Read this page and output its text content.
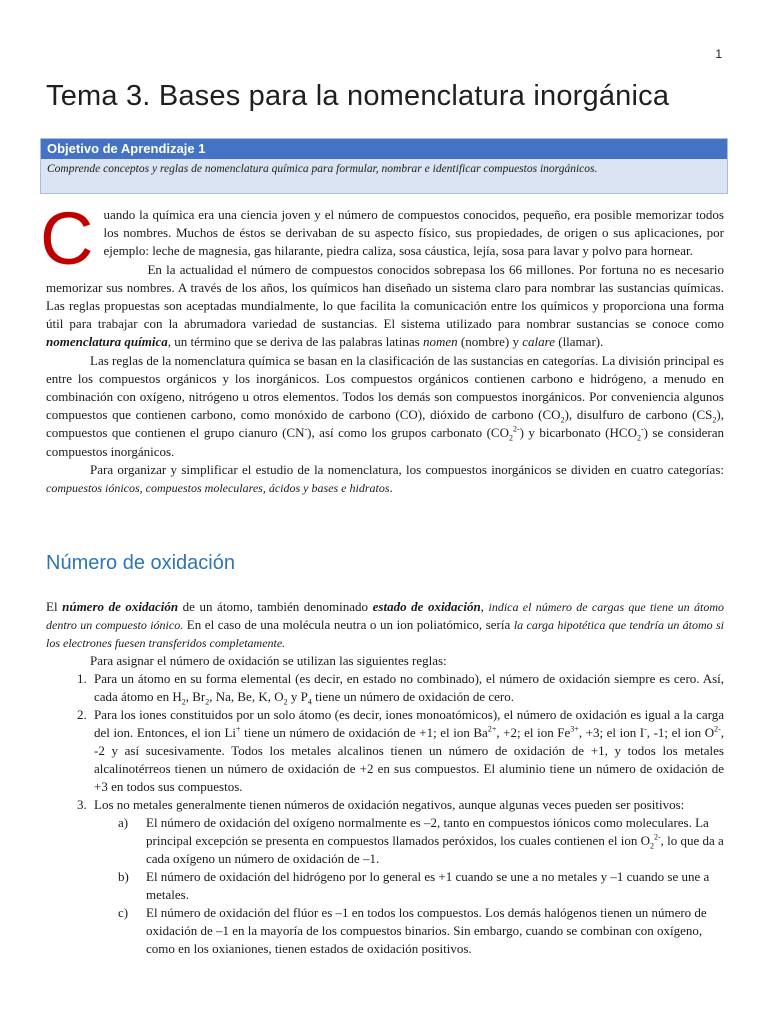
1
Tema 3. Bases para la nomenclatura inorgánica
Objetivo de Aprendizaje 1
Comprende conceptos y reglas de nomenclatura química para formular, nombrar e identificar compuestos inorgánicos.
C uando la química era una ciencia joven y el número de compuestos conocidos, pequeño, era posible memorizar todos los nombres. Muchos de éstos se derivaban de su aspecto físico, sus propiedades, de origen o sus aplicaciones, por ejemplo: leche de magnesia, gas hilarante, piedra caliza, sosa cáustica, lejía, sosa para lavar y polvo para hornear.

En la actualidad el número de compuestos conocidos sobrepasa los 66 millones. Por fortuna no es necesario memorizar sus nombres. A través de los años, los químicos han diseñado un sistema claro para nombrar las sustancias químicas. Las reglas propuestas son aceptadas mundialmente, lo que facilita la comunicación entre los químicos y proporciona una forma útil para trabajar con la abrumadora variedad de sustancias. El sistema utilizado para nombrar sustancias se conoce como nomenclatura química, un término que se deriva de las palabras latinas nomen (nombre) y calare (llamar).

Las reglas de la nomenclatura química se basan en la clasificación de las sustancias en categorías. La división principal es entre los compuestos orgánicos y los inorgánicos. Los compuestos orgánicos contienen carbono e hidrógeno, a menudo en combinación con oxígeno, nitrógeno u otros elementos. Todos los demás son compuestos inorgánicos. Por conveniencia algunos compuestos que contienen carbono, como monóxido de carbono (CO), dióxido de carbono $(CO_2)$, disulfuro de carbono $(CS_2)$, compuestos que contienen el grupo cianuro (CN-), así como los grupos carbonato $(CO_2^{2-})$ y bicarbonato $(HCO_2^-)$ se consideran compuestos inorgánicos.

Para organizar y simplificar el estudio de la nomenclatura, los compuestos inorgánicos se dividen en cuatro categorías: compuestos iónicos, compuestos moleculares, ácidos y bases e hidratos.

Número de oxidación

El número de oxidación de un átomo, también denominado estado de oxidación, indica el número de cargas que tiene un átomo dentro un compuesto iónico. En el caso de una molécula neutra o un ion poliatómico, sería la carga hipotética que tendría un átomo si los electrones fuesen transferidos completamente.

Para asignar el número de oxidación se utilizan las siguientes reglas:

1. Para un átomo en su forma elemental (es decir, en estado no combinado), el número de oxidación siempre es cero. Así, cada átomo en $H_2$, $Br_2$, Na, Be, K, $O_2$ y $P_4$ tiene un número de oxidación de cero.
2. Para los iones constituidos por un solo átomo (es decir, iones monoatómicos), el número de oxidación es igual a la carga del ion. Entonces, el ion Li+ tiene un número de oxidación de +1; el ion $Ba^{2+}$, +2; el ion $Fe^{3+}$, +3; el ion I-, -1; el ion $O^{2-}$, -2 y así sucesivamente. Todos los metales alcalinos tienen un número de oxidación de +1, y todos los metales alcalinotérreos tienen un número de oxidación de +2 en sus compuestos. El aluminio tiene un número de oxidación de +3 en todos sus compuestos.
3. Los no metales generalmente tienen números de oxidación negativos, aunque algunas veces pueden ser positivos:
a) El número de oxidación del oxígeno normalmente es –2, tanto en compuestos iónicos como moleculares. La principal excepción se presenta en compuestos llamados peróxidos, los cuales contienen el ion $O_2^{2-}$, lo que da a cada oxígeno un número de oxidación de –1.
b) El número de oxidación del hidrógeno por lo general es +1 cuando se une a no metales y –1 cuando se une a metales.
c) El número de oxidación del flúor es –1 en todos los compuestos. Los demás halógenos tienen un número de oxidación de –1 en la mayoría de los compuestos binarios. Sin embargo, cuando se combinan con oxígeno, como en los oxianiones, tienen estados de oxidación positivos.
